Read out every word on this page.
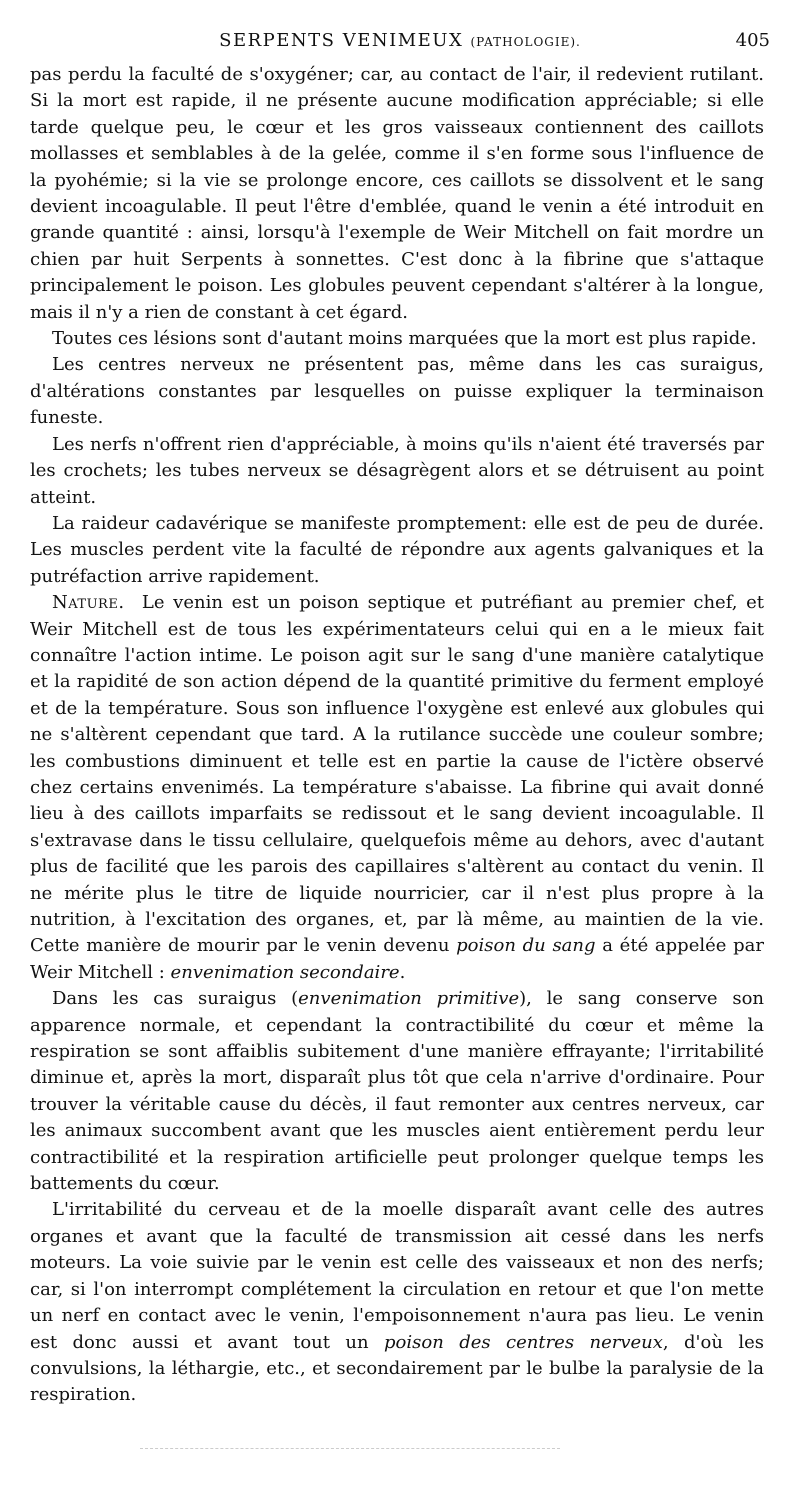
SERPENTS VENIMEUX (PATHOLOGIE).	405

pas perdu la faculté de s'oxygéner; car, au contact de l'air, il redevient rutilant. Si la mort est rapide, il ne présente aucune modification appréciable; si elle tarde quelque peu, le cœur et les gros vaisseaux contiennent des caillots mollasses et semblables à de la gelée, comme il s'en forme sous l'influence de la pyohémie; si la vie se prolonge encore, ces caillots se dissolvent et le sang devient incoagulable. Il peut l'être d'emblée, quand le venin a été introduit en grande quantité : ainsi, lorsqu'à l'exemple de Weir Mitchell on fait mordre un chien par huit Serpents à sonnettes. C'est donc à la fibrine que s'attaque principalement le poison. Les globules peuvent cependant s'altérer à la longue, mais il n'y a rien de constant à cet égard.

Toutes ces lésions sont d'autant moins marquées que la mort est plus rapide.

Les centres nerveux ne présentent pas, même dans les cas suraigus, d'altérations constantes par lesquelles on puisse expliquer la terminaison funeste.

Les nerfs n'offrent rien d'appréciable, à moins qu'ils n'aient été traversés par les crochets; les tubes nerveux se désagrègent alors et se détruisent au point atteint.

La raideur cadavérique se manifeste promptement: elle est de peu de durée. Les muscles perdent vite la faculté de répondre aux agents galvaniques et la putréfaction arrive rapidement.

Nature. Le venin est un poison septique et putréfiant au premier chef, et Weir Mitchell est de tous les expérimentateurs celui qui en a le mieux fait connaître l'action intime. Le poison agit sur le sang d'une manière catalytique et la rapidité de son action dépend de la quantité primitive du ferment employé et de la température. Sous son influence l'oxygène est enlevé aux globules qui ne s'altèrent cependant que tard. A la rutilance succède une couleur sombre; les combustions diminuent et telle est en partie la cause de l'ictère observé chez certains envenimés. La température s'abaisse. La fibrine qui avait donné lieu à des caillots imparfaits se redissout et le sang devient incoagulable. Il s'extravase dans le tissu cellulaire, quelquefois même au dehors, avec d'autant plus de facilité que les parois des capillaires s'altèrent au contact du venin. Il ne mérite plus le titre de liquide nourricier, car il n'est plus propre à la nutrition, à l'excitation des organes, et, par là même, au maintien de la vie. Cette manière de mourir par le venin devenu poison du sang a été appelée par Weir Mitchell : envenimation secondaire.

Dans les cas suraigus (envenimation primitive), le sang conserve son apparence normale, et cependant la contractibilité du cœur et même la respiration se sont affaiblis subitement d'une manière effrayante; l'irritabilité diminue et, après la mort, disparaît plus tôt que cela n'arrive d'ordinaire. Pour trouver la véritable cause du décès, il faut remonter aux centres nerveux, car les animaux succombent avant que les muscles aient entièrement perdu leur contractibilité et la respiration artificielle peut prolonger quelque temps les battements du cœur.

L'irritabilité du cerveau et de la moelle disparaît avant celle des autres organes et avant que la faculté de transmission ait cessé dans les nerfs moteurs. La voie suivie par le venin est celle des vaisseaux et non des nerfs; car, si l'on interrompt complétement la circulation en retour et que l'on mette un nerf en contact avec le venin, l'empoisonnement n'aura pas lieu. Le venin est donc aussi et avant tout un poison des centres nerveux, d'où les convulsions, la léthargie, etc., et secondairement par le bulbe la paralysie de la respiration.
